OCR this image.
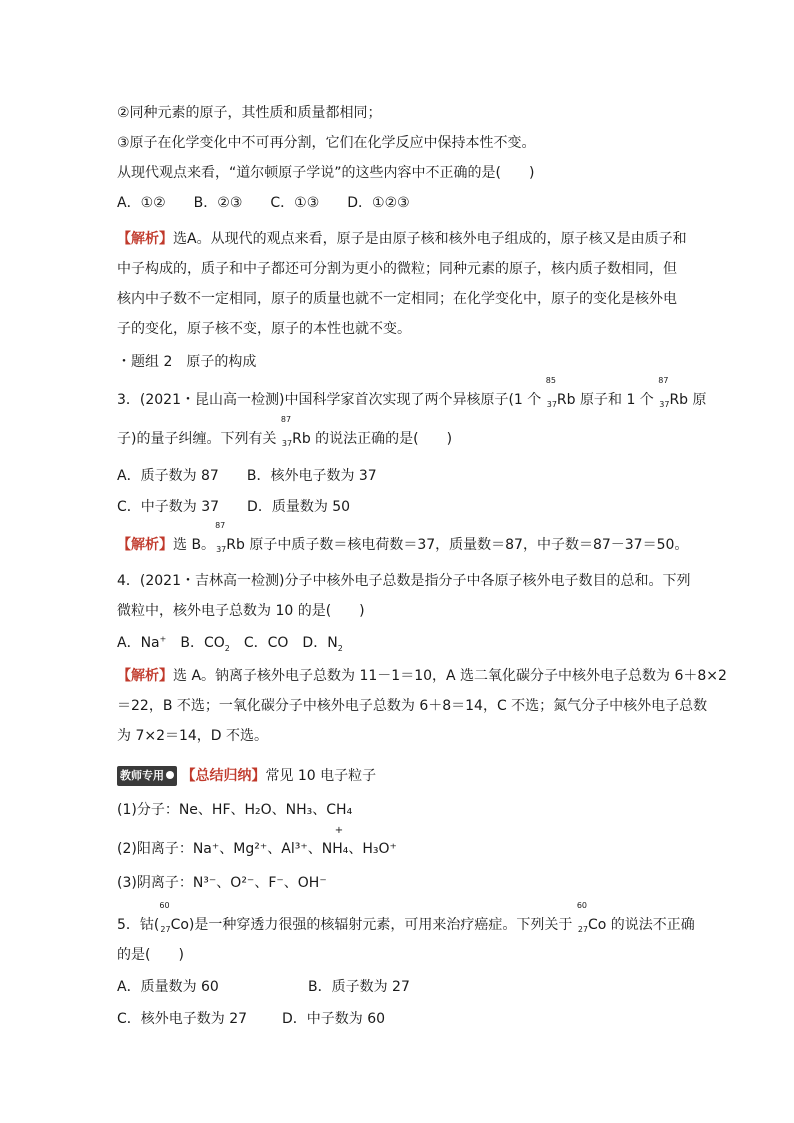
②同种元素的原子，其性质和质量都相同；
③原子在化学变化中不可再分割，它们在化学反应中保持本性不变。
从现代观点来看，“道尔顿原子学说”的这些内容中不正确的是(　　)
A．①②　　B．②③　　C．①③　　D．①②③
【解析】选A。从现代的观点来看，原子是由原子核和核外电子组成的，原子核又是由质子和
中子构成的，质子和中子都还可分割为更小的微粒；同种元素的原子，核内质子数相同，但
核内中子数不一定相同，原子的质量也就不一定相同；在化学变化中，原子的变化是核外电
子的变化，原子核不变，原子的本性也就不变。
・题组 2　原子的构成
3．(2021・昆山高一检测)中国科学家首次实现了两个异核原子(1 个
85
$_{37}$Rb 原子和 1 个
87
$_{37}$Rb 原
子)的量子纠缠。下列有关
87
$_{37}$Rb 的说法正确的是(　　)
A．质子数为 87　　B．核外电子数为 37
C．中子数为 37　　D．质量数为 50
【解析】选 B。
87
$_{37}$Rb 原子中质子数＝核电荷数＝37，质量数＝87，中子数＝87－37＝50。
4．(2021・吉林高一检测)分子中核外电子总数是指分子中各原子核外电子数目的总和。下列
微粒中，核外电子总数为 10 的是(　　)
A．Na+　B．$CO_2$　C．CO　D．$N_2$
【解析】选 A。钠离子核外电子总数为 11－1＝10，A 选二氧化碳分子中核外电子总数为 6＋8×2
＝22，B 不选；一氧化碳分子中核外电子总数为 6＋8＝14，C 不选；氮气分子中核外电子总数
为 7×2＝14，D 不选。
教师专用 【总结归纳】常见 10 电子粒子
(1)分子：Ne、HF、H₂O、NH₃、CH₄
(2)阳离子：Na⁺、Mg²⁺、Al³⁺、
+
NH₄、H₃O⁺
(3)阴离子：N³⁻、O²⁻、F⁻、OH⁻
5．钴(
60
$_{27}$Co)是一种穿透力很强的核辐射元素，可用来治疗癌症。下列关于
60
$_{27}$Co 的说法不正确
的是(　　)
A．质量数为 60	B．质子数为 27
C．核外电子数为 27 D．中子数为 60
